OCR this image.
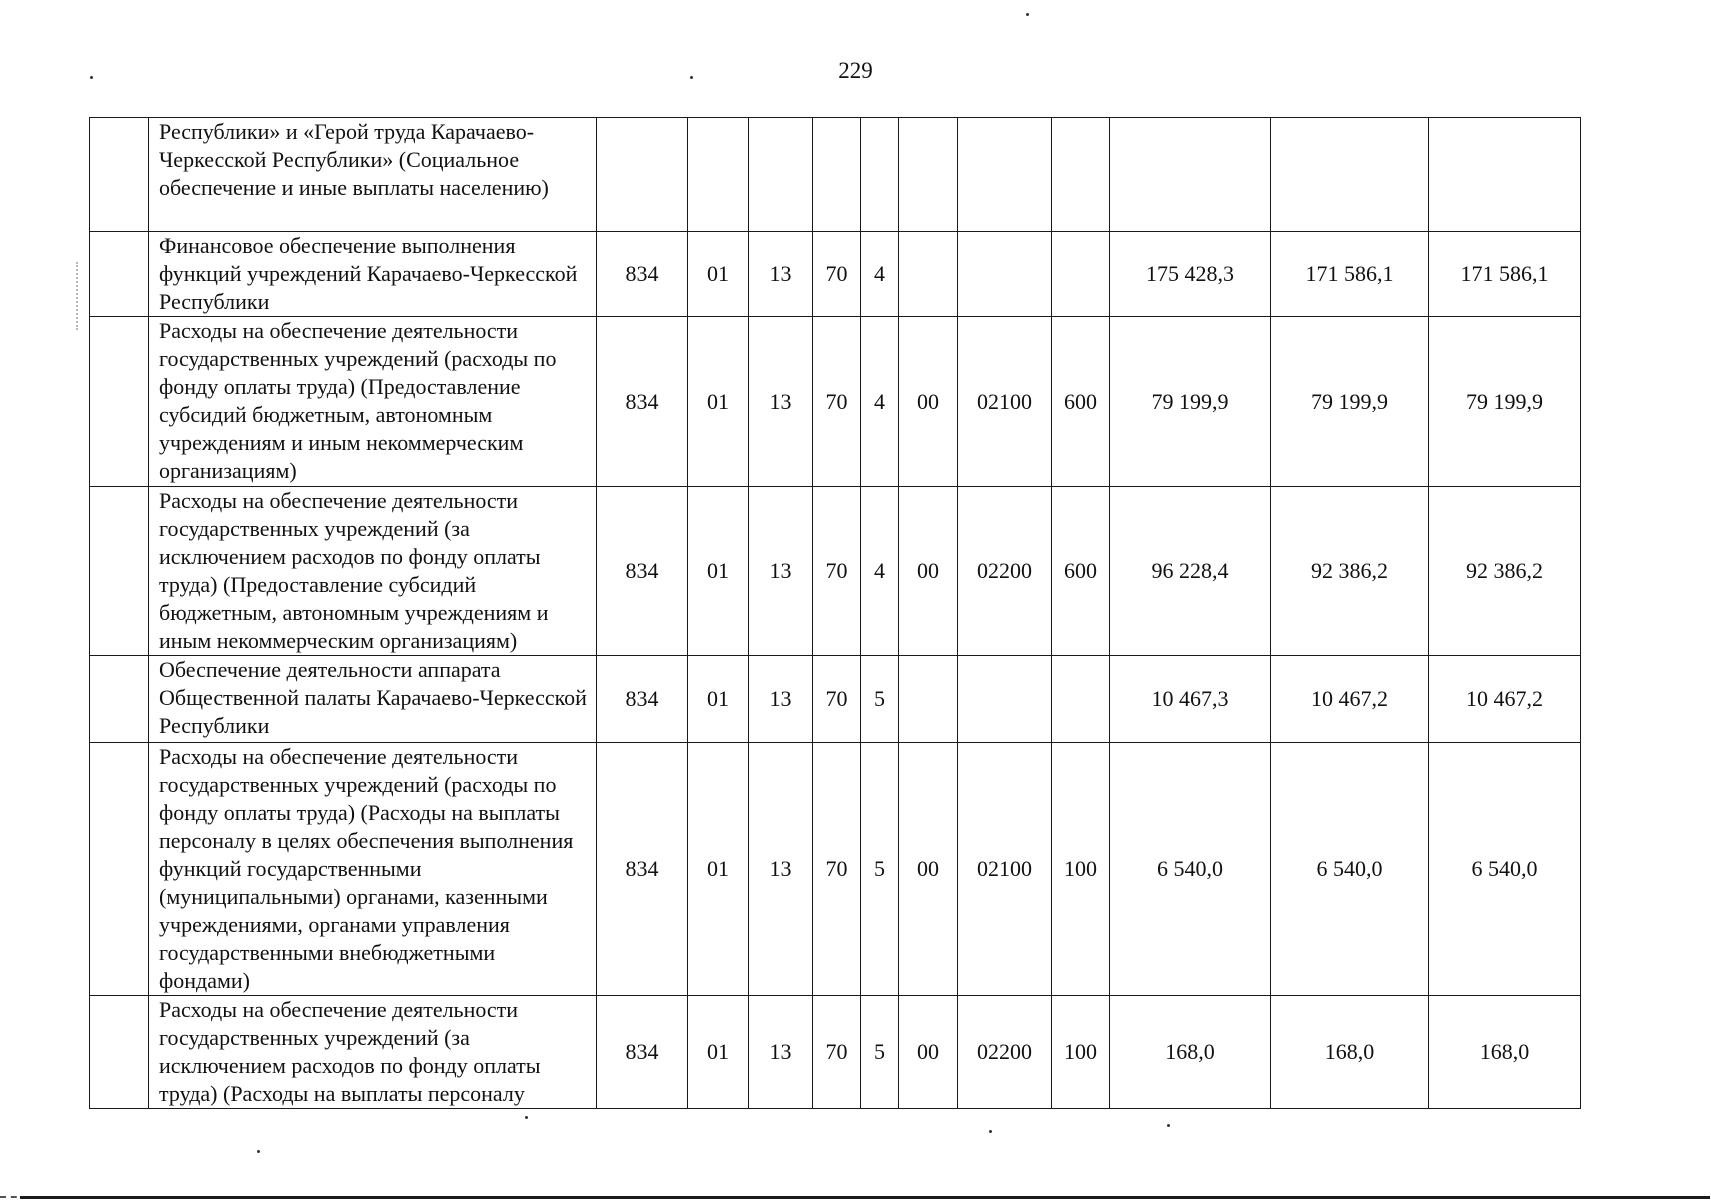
229
	Республики» и «Герой труда Карачаево-Черкесской Республики» (Социальное обеспечение и иные выплаты населению)											
	Финансовое обеспечение выполнения функций учреждений Карачаево-Черкесской Республики	834	01	13	70	4				175 428,3	171 586,1	171 586,1
	Расходы на обеспечение деятельности государственных учреждений (расходы по фонду оплаты труда) (Предоставление субсидий бюджетным, автономным учреждениям и иным некоммерческим организациям)	834	01	13	70	4	00	02100	600	79 199,9	79 199,9	79 199,9
	Расходы на обеспечение деятельности государственных учреждений (за исключением расходов по фонду оплаты труда) (Предоставление субсидий бюджетным, автономным учреждениям и иным некоммерческим организациям)	834	01	13	70	4	00	02200	600	96 228,4	92 386,2	92 386,2
	Обеспечение деятельности аппарата Общественной палаты Карачаево-Черкесской Республики	834	01	13	70	5				10 467,3	10 467,2	10 467,2
	Расходы на обеспечение деятельности государственных учреждений (расходы по фонду оплаты труда) (Расходы на выплаты персоналу в целях обеспечения выполнения функций государственными (муниципальными) органами, казенными учреждениями, органами управления государственными внебюджетными фондами)	834	01	13	70	5	00	02100	100	6 540,0	6 540,0	6 540,0
	Расходы на обеспечение деятельности государственных учреждений (за исключением расходов по фонду оплаты труда) (Расходы на выплаты персоналу	834	01	13	70	5	00	02200	100	168,0	168,0	168,0
